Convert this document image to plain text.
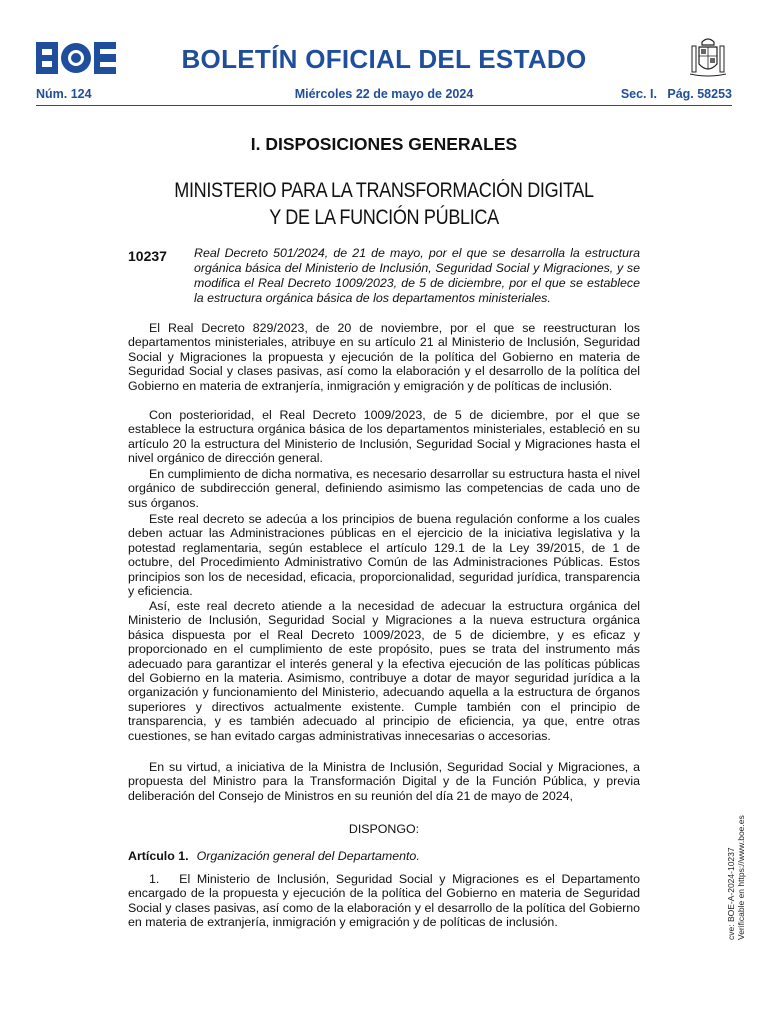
BOLETÍN OFICIAL DEL ESTADO
Núm. 124	Miércoles 22 de mayo de 2024	Sec. I.   Pág. 58253
I. DISPOSICIONES GENERALES
MINISTERIO PARA LA TRANSFORMACIÓN DIGITAL
Y DE LA FUNCIÓN PÚBLICA
10237 Real Decreto 501/2024, de 21 de mayo, por el que se desarrolla la estructura orgánica básica del Ministerio de Inclusión, Seguridad Social y Migraciones, y se modifica el Real Decreto 1009/2023, de 5 de diciembre, por el que se establece la estructura orgánica básica de los departamentos ministeriales.

El Real Decreto 829/2023, de 20 de noviembre, por el que se reestructuran los departamentos ministeriales, atribuye en su artículo 21 al Ministerio de Inclusión, Seguridad Social y Migraciones la propuesta y ejecución de la política del Gobierno en materia de Seguridad Social y clases pasivas, así como la elaboración y el desarrollo de la política del Gobierno en materia de extranjería, inmigración y emigración y de políticas de inclusión.

Con posterioridad, el Real Decreto 1009/2023, de 5 de diciembre, por el que se establece la estructura orgánica básica de los departamentos ministeriales, estableció en su artículo 20 la estructura del Ministerio de Inclusión, Seguridad Social y Migraciones hasta el nivel orgánico de dirección general.

En cumplimiento de dicha normativa, es necesario desarrollar su estructura hasta el nivel orgánico de subdirección general, definiendo asimismo las competencias de cada uno de sus órganos.

Este real decreto se adecúa a los principios de buena regulación conforme a los cuales deben actuar las Administraciones públicas en el ejercicio de la iniciativa legislativa y la potestad reglamentaria, según establece el artículo 129.1 de la Ley 39/2015, de 1 de octubre, del Procedimiento Administrativo Común de las Administraciones Públicas. Estos principios son los de necesidad, eficacia, proporcionalidad, seguridad jurídica, transparencia y eficiencia.

Así, este real decreto atiende a la necesidad de adecuar la estructura orgánica del Ministerio de Inclusión, Seguridad Social y Migraciones a la nueva estructura orgánica básica dispuesta por el Real Decreto 1009/2023, de 5 de diciembre, y es eficaz y proporcionado en el cumplimiento de este propósito, pues se trata del instrumento más adecuado para garantizar el interés general y la efectiva ejecución de las políticas públicas del Gobierno en la materia. Asimismo, contribuye a dotar de mayor seguridad jurídica a la organización y funcionamiento del Ministerio, adecuando aquella a la estructura de órganos superiores y directivos actualmente existente. Cumple también con el principio de transparencia, y es también adecuado al principio de eficiencia, ya que, entre otras cuestiones, se han evitado cargas administrativas innecesarias o accesorias.

En su virtud, a iniciativa de la Ministra de Inclusión, Seguridad Social y Migraciones, a propuesta del Ministro para la Transformación Digital y de la Función Pública, y previa deliberación del Consejo de Ministros en su reunión del día 21 de mayo de 2024,

DISPONGO:
Artículo 1. Organización general del Departamento.

1.   El Ministerio de Inclusión, Seguridad Social y Migraciones es el Departamento encargado de la propuesta y ejecución de la política del Gobierno en materia de Seguridad Social y clases pasivas, así como de la elaboración y el desarrollo de la política del Gobierno en materia de extranjería, inmigración y emigración y de políticas de inclusión.	cve: BOE-A-2024-10237 Verificable en https://www.boe.es
